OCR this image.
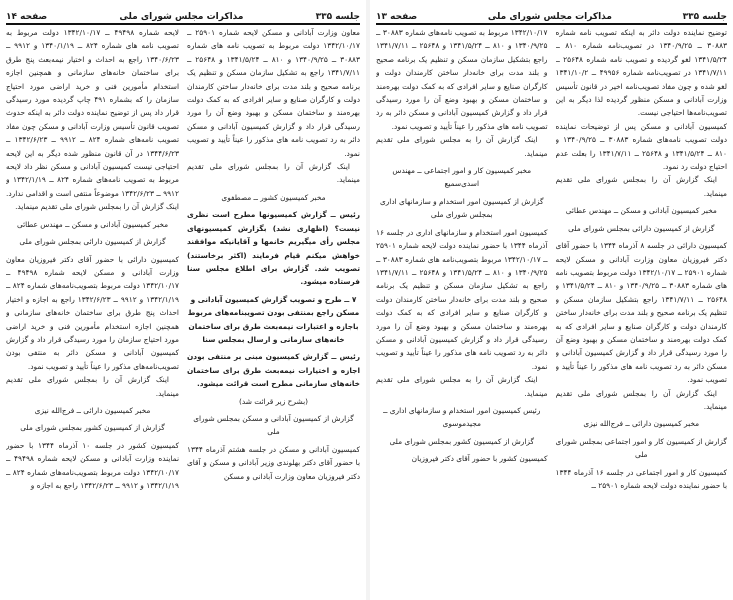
جلسه ۳۳۵
مذاکرات مجلس شورای ملی
صفحه ۱۴

معاون وزارت آبادانی و مسکن لایحه شماره ۲۵۹۰۱ ــ ۱۳۴۲/۱۰/۱۷ دولت مربوط به تصویب نامه های شماره ۳۰۸۸۳ ــ ۱۳۴۰/۹/۲۵ و ۸۱۰ ــ ۱۳۴۱/۵/۲۴ و ۲۵۶۴۸ ــ ۱۳۴۱/۷/۱۱ راجع به تشکیل سازمان مسکن و تنظیم یک برنامه صحیح و بلند مدت برای خانه‌دار ساختن کارمندان دولت و کارگران صنایع و سایر افرادی که به کمک دولت بهره‌مند و ساختمان مسکن و بهبود وضع آن را مورد رسیدگی قرار داد و گزارش کمیسیون آبادانی و مسکن دائر به رد تصویب نامه های مذکور را عیناً تأیید و تصویب نمود.

اینک گزارش آن را بمجلس شورای ملی تقدیم مینماید.

مخبر کمیسیون کشور ــ مصطفوی

رئیس ــ گزارش کمیسیونها مطرح است نظری نیست؟ (اظهاری نشد) بگزارش کمیسیونهای مجلس رأی میگیریم خانمها و آقایانیکه موافقند خواهش میکنم قیام فرمایند (اکثر برخاستند) تصویب شد. گزارش برای اطلاع مجلس سنا فرستاده میشود.

۷ ــ طرح و تصویب گزارش کمیسیون آبادانی و مسکن راجع بمنتفی بودن تصویبنامه‌های مربوط باجازه و اعتبارات نیمه‌بعث طرق برای ساختمان خانه‌های سازمانی و ارسال بمجلس سنا

رئیس ــ گزارش کمیسیون مبنی بر منتفی بودن اجازه و اختیارات نیمه‌بعث طرق برای ساختمان خانه‌های سازمانی مطرح است قرائت میشود.

(بشرح زیر قرائت شد)

گزارش از کمیسیون آبادانی و مسکن بمجلس شورای ملی

کمیسیون آبادانی و مسکن در جلسه هشتم آذرماه ۱۳۴۴ با حضور آقای دکتر بهلوندی وزیر آبادانی و مسکن و آقای دکتر فیروزیان معاون وزارت آبادانی و مسکن

لایحه شماره ۴۹۴۹۸ ــ ۱۳۴۲/۱۰/۱۷ دولت مربوط به تصویب نامه های شماره ۸۲۴ ــ ۱۳۴۰/۱/۱۹ و ۹۹۱۲ ــ ۱۳۴۰/۶/۲۳ راجع به احداث و اختیار نیمه‌بعث پنج طرق برای ساختمان خانه‌های سازمانی و همچنین اجازه استخدام مأمورین فنی و خرید اراضی مورد احتیاج سازمان را که بشماره ۴۹۱ چاپ گردیده مورد رسیدگی قرار داد پس از توضیح نماینده دولت دائر به اینکه حدوث تصویب قانون تأسیس وزارت آبادانی و مسکن چون مفاد تصویب نامه‌های شماره ۸۲۴ ــ ۹۹۱۲ ــ ۱۳۴۲/۶/۲۳ ــ ۱۳۴۴/۶/۲۳ در آن قانون منظور شده دیگر به این لایحه احتیاجی نیست کمیسیون آبادانی و مسکن نظر داد لایحه مربوط به تصویب نامه‌های شماره ۸۲۴ ــ ۱۳۴۲/۱/۱۹ و ۹۹۱۲ ــ ۱۳۴۲/۶/۲۳ موضوعاً منتفی است و اقدامی ندارد. اینک گزارش آن را بمجلس شورای ملی تقدیم مینماید.

مخبر کمیسیون آبادانی و مسکن ــ مهندس عطائی

گزارش از کمیسیون دارائی بمجلس شورای ملی

کمیسیون دارائی با حضور آقای دکتر فیروزیان معاون وزارت آبادانی و مسکن لایحه شماره ۴۹۴۹۸ ــ ۱۳۴۲/۱۰/۱۷ دولت مربوط بتصویب‌نامه‌های شماره ۸۲۴ ــ ۱۳۴۲/۱/۱۹ و ۹۹۱۲ ــ ۱۳۴۲/۶/۲۳ راجع به اجازه و اختیار احداث پنج طرق برای ساختمان خانه‌های سازمانی و همچنین اجازه استخدام مأمورین فنی و خرید اراضی مورد احتیاج سازمان را مورد رسیدگی قرار داد و گزارش کمیسیون آبادانی و مسکن دائر به منتفی بودن تصویب‌نامه‌های مذکور را عیناً تأیید و تصویب نمود.

اینک گزارش آن را بمجلس شورای ملی تقدیم مینماید.

مخبر کمیسیون دارائی ــ فرج‌الله نیزی

گزارش از کمیسیون کشور بمجلس شورای ملی

کمیسیون کشور در جلسه ۱۰ آذرماه ۱۳۴۴ با حضور نماینده وزارت آبادانی و مسکن لایحه شماره ۴۹۴۹۸ ــ ۱۳۴۲/۱۰/۱۷ دولت مربوط بتصویب‌نامه‌های شماره ۸۲۴ ــ ۱۳۴۲/۱/۱۹ و ۹۹۱۲ ــ ۱۳۴۲/۶/۲۳ راجع به اجازه و

جلسه ۳۳۵
مذاکرات مجلس شورای ملی
صفحه ۱۳

توضیح نماینده دولت دائر به اینکه تصویب نامه شماره ۳۰۸۸۳ ــ ۱۳۴۰/۹/۲۵ در تصویب‌نامه شماره ۸۱۰ ــ ۱۳۴۱/۵/۲۴ لغو گردیده و تصویب نامه شماره ۲۵۶۴۸ ــ ۱۳۴۱/۷/۱۱ در تصویب‌نامه شماره ۴۹۹۵۶ ــ ۱۳۴۱/۱۰/۲ لغو شده و چون مفاد تصویب‌نامه اخیر در قانون تأسیس وزارت آبادانی و مسکن منظور گردیده لذا دیگر به این تصویب‌نامه‌ها احتیاجی نیست.

کمیسیون آبادانی و مسکن پس از توضیحات نماینده دولت تصویب نامه‌های شماره ۳۰۸۸۳ ــ ۱۳۴۰/۹/۲۵ و ۸۱۰ ــ ۱۳۴۱/۵/۲۴ و ۲۵۶۴۸ ــ ۱۳۴۱/۷/۱۱ را بعلت عدم احتیاج دولت رد نمود.

اینک گزارش آن را بمجلس شورای ملی تقدیم مینماید.

مخبر کمیسیون آبادانی و مسکن ــ مهندس عطائی

گزارش از کمیسیون دارائی بمجلس شورای ملی

کمیسیون دارائی در جلسه ۸ آذرماه ۱۳۴۴ با حضور آقای دکتر فیروزیان معاون وزارت آبادانی و مسکن لایحه شماره ۲۵۹۰۱ ــ ۱۳۴۲/۱۰/۱۷ دولت مربوط بتصویب نامه های شماره ۳۰۸۸۳ ــ ۱۳۴۰/۹/۲۵ و ۸۱۰ ــ ۱۳۴۱/۵/۲۴ و ۲۵۶۴۸ ــ ۱۳۴۱/۷/۱۱ راجع بتشکیل سازمان مسکن و تنظیم یک برنامه صحیح و بلند مدت برای خانه‌دار ساختن کارمندان دولت و کارگران صنایع و سایر افرادی که به کمک دولت بهره‌مند و ساختمان مسکن و بهبود وضع آن را مورد رسیدگی قرار داد و گزارش کمیسیون آبادانی و مسکن دائر به رد تصویب نامه های مذکور را عیناً تأیید و تصویب نمود.

اینک گزارش آن را بمجلس شورای ملی تقدیم مینماید.

مخبر کمیسیون دارائی ــ فرج‌الله نیزی

گزارش از کمیسیون کار و امور اجتماعی بمجلس شورای ملی

کمیسیون کار و امور اجتماعی در جلسه ۱۶ آذرماه ۱۳۴۴ با حضور نماینده دولت لایحه شماره ۲۵۹۰۱ ــ

۱۳۴۲/۱۰/۱۷ مربوط به تصویب نامه‌های شماره ۳۰۸۸۳ ــ ۱۳۴۰/۹/۲۵ و ۸۱۰ ــ ۱۳۴۱/۵/۲۴ و ۲۵۶۴۸ ــ ۱۳۴۱/۷/۱۱ راجع بتشکیل سازمان مسکن و تنظیم یک برنامه صحیح و بلند مدت برای خانه‌دار ساختن کارمندان دولت و کارگران صنایع و سایر افرادی که به کمک دولت بهره‌مند و ساختمان مسکن و بهبود وضع آن را مورد رسیدگی قرار داد و گزارش کمیسیون آبادانی و مسکن دائر به رد تصویب نامه های مذکور را عیناً تأیید و تصویب نمود.

اینک گزارش آن را به مجلس شورای ملی تقدیم مینماید.

مخبر کمیسیون کار و امور اجتماعی ــ مهندس اسدی‌سمیع

گزارش از کمیسیون امور استخدام و سازمانهای اداری بمجلس شورای ملی

کمیسیون امور استخدام و سازمانهای اداری در جلسه ۱۶ آذرماه ۱۳۴۴ با حضور نماینده دولت لایحه شماره ۲۵۹۰۱ ــ ۱۳۴۲/۱۰/۱۷ مربوط بتصویب‌نامه های شماره ۳۰۸۸۳ ــ ۱۳۴۰/۹/۲۵ و ۸۱۰ ــ ۱۳۴۱/۵/۲۴ و ۲۵۶۴۸ ــ ۱۳۴۱/۷/۱۱ راجع به تشکیل سازمان مسکن و تنظیم یک برنامه صحیح و بلند مدت برای خانه‌دار ساختن کارمندان دولت و کارگران صنایع و سایر افرادی که به کمک دولت بهره‌مند و ساختمان مسکن و بهبود وضع آن را مورد رسیدگی قرار داد و گزارش کمیسیون آبادانی و مسکن دائر به رد تصویب نامه های مذکور را عیناً تأیید و تصویب نمود.

اینک گزارش آن را به مجلس شورای ملی تقدیم مینماید.

رئیس کمیسیون امور استخدام و سازمانهای اداری ــ مجیدموسوی

گزارش از کمیسیون کشور بمجلس شورای ملی

کمیسیون کشور با حضور آقای دکتر فیروزیان
